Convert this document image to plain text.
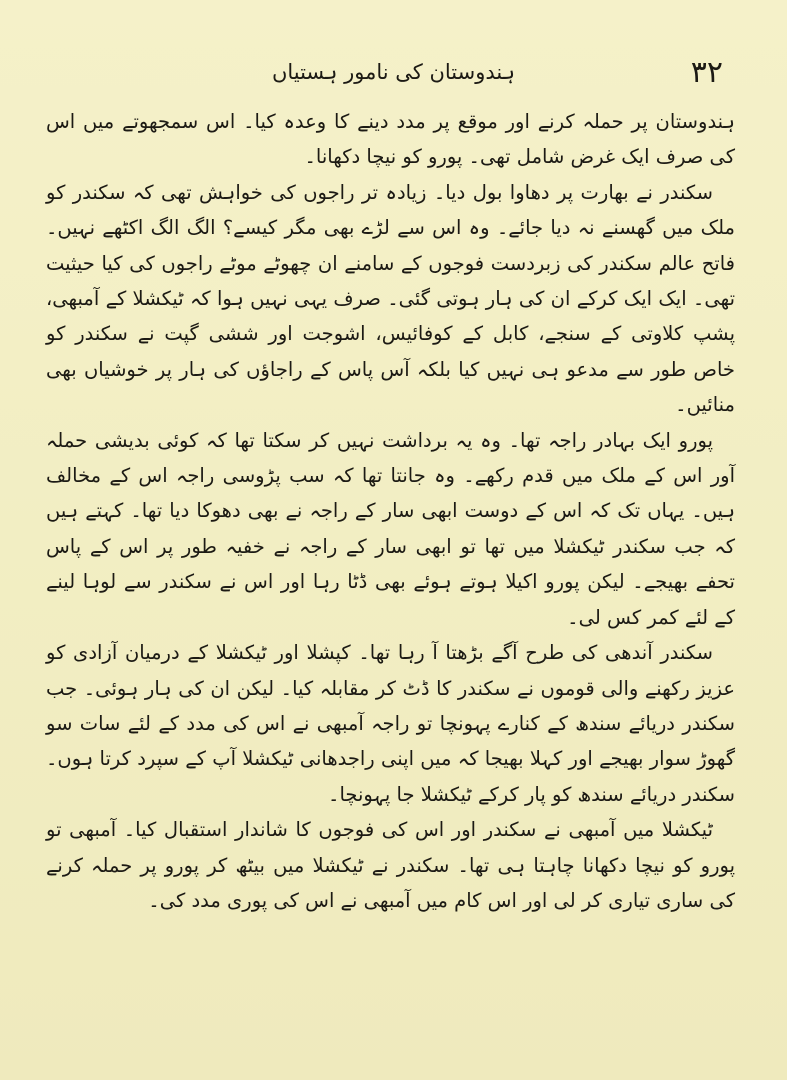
۳۲
ہندوستان کی نامور ہستیاں

ہندوستان پر حملہ کرنے اور موقع پر مدد دینے کا وعدہ کیا۔ اس سمجھوتے میں اس کی صرف ایک غرض شامل تھی۔ پورو کو نیچا دکھانا۔

سکندر نے بھارت پر دھاوا بول دیا۔ زیادہ تر راجوں کی خواہش تھی کہ سکندر کو ملک میں گھسنے نہ دیا جائے۔ وہ اس سے لڑے بھی مگر کیسے؟ الگ الگ اکٹھے نہیں۔ فاتح عالم سکندر کی زبردست فوجوں کے سامنے ان چھوٹے موٹے راجوں کی کیا حیثیت تھی۔ ایک ایک کرکے ان کی ہار ہوتی گئی۔ صرف یہی نہیں ہوا کہ ٹیکشلا کے آمبھی، پشپ کلاوتی کے سنجے، کابل کے کوفائیس، اشوجت اور ششی گپت نے سکندر کو خاص طور سے مدعو ہی نہیں کیا بلکہ آس پاس کے راجاؤں کی ہار پر خوشیاں بھی منائیں۔

پورو ایک بہادر راجہ تھا۔ وہ یہ برداشت نہیں کر سکتا تھا کہ کوئی بدیشی حملہ آور اس کے ملک میں قدم رکھے۔ وہ جانتا تھا کہ سب پڑوسی راجہ اس کے مخالف ہیں۔ یہاں تک کہ اس کے دوست ابھی سار کے راجہ نے بھی دھوکا دیا تھا۔ کہتے ہیں کہ جب سکندر ٹیکشلا میں تھا تو ابھی سار کے راجہ نے خفیہ طور پر اس کے پاس تحفے بھیجے۔ لیکن پورو اکیلا ہوتے ہوئے بھی ڈٹا رہا اور اس نے سکندر سے لوہا لینے کے لئے کمر کس لی۔

سکندر آندھی کی طرح آگے بڑھتا آ رہا تھا۔ کپشلا اور ٹیکشلا کے درمیان آزادی کو عزیز رکھنے والی قوموں نے سکندر کا ڈٹ کر مقابلہ کیا۔ لیکن ان کی ہار ہوئی۔ جب سکندر دریائے سندھ کے کنارے پہونچا تو راجہ آمبھی نے اس کی مدد کے لئے سات سو گھوڑ سوار بھیجے اور کہلا بھیجا کہ میں اپنی راجدھانی ٹیکشلا آپ کے سپرد کرتا ہوں۔ سکندر دریائے سندھ کو پار کرکے ٹیکشلا جا پہونچا۔

ٹیکشلا میں آمبھی نے سکندر اور اس کی فوجوں کا شاندار استقبال کیا۔ آمبھی تو پورو کو نیچا دکھانا چاہتا ہی تھا۔ سکندر نے ٹیکشلا میں بیٹھ کر پورو پر حملہ کرنے کی ساری تیاری کر لی اور اس کام میں آمبھی نے اس کی پوری مدد کی۔
